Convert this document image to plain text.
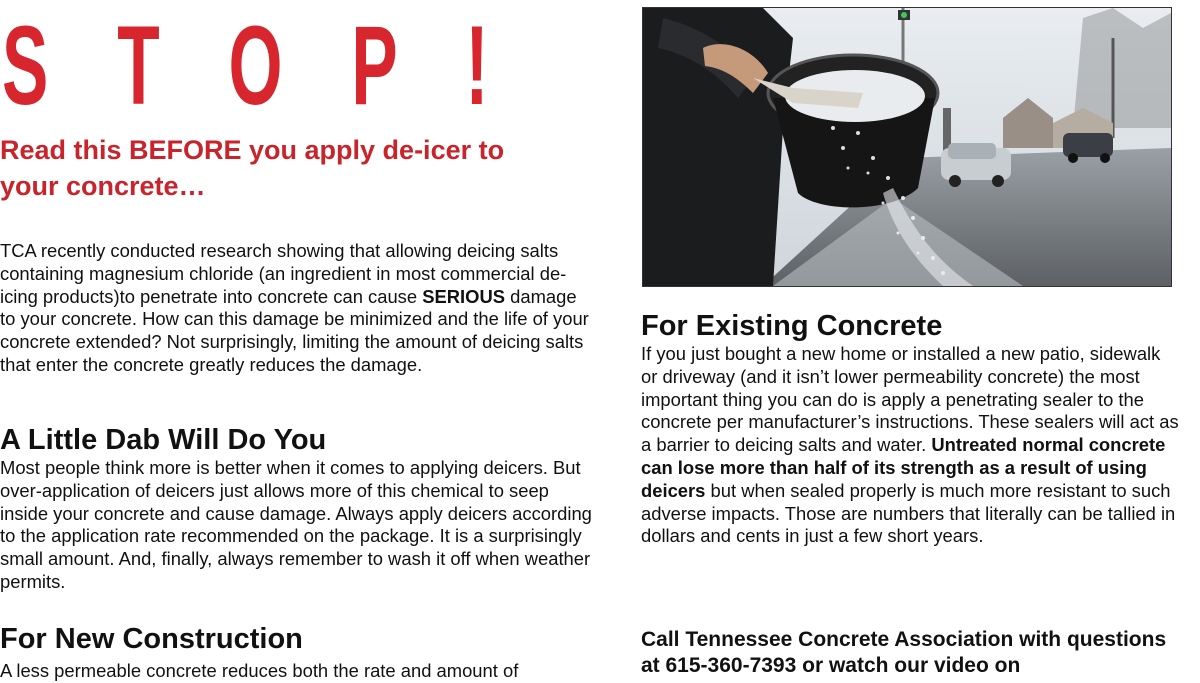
S T O P !
Read this BEFORE you apply de-icer to
your concrete…

TCA recently conducted research showing that allowing deicing salts containing magnesium chloride (an ingredient in most commercial de-icing products)to penetrate into concrete can cause SERIOUS damage to your concrete. How can this damage be minimized and the life of your concrete extended? Not surprisingly, limiting the amount of deicing salts that enter the concrete greatly reduces the damage.

A Little Dab Will Do You

Most people think more is better when it comes to applying deicers. But over-application of deicers just allows more of this chemical to seep inside your concrete and cause damage. Always apply deicers according to the application rate recommended on the package. It is a surprisingly small amount. And, finally, always remember to wash it off when weather permits.

For New Construction

A less permeable concrete reduces both the rate and amount of

For Existing Concrete

If you just bought a new home or installed a new patio, sidewalk or driveway (and it isn’t lower permeability concrete) the most important thing you can do is apply a penetrating sealer to the concrete per manufacturer’s instructions. These sealers will act as a barrier to deicing salts and water. Untreated normal concrete can lose more than half of its strength as a result of using deicers but when sealed properly is much more resistant to such adverse impacts. Those are numbers that literally can be tallied in dollars and cents in just a few short years.

Call Tennessee Concrete Association with questions at 615-360-7393 or watch our video on
